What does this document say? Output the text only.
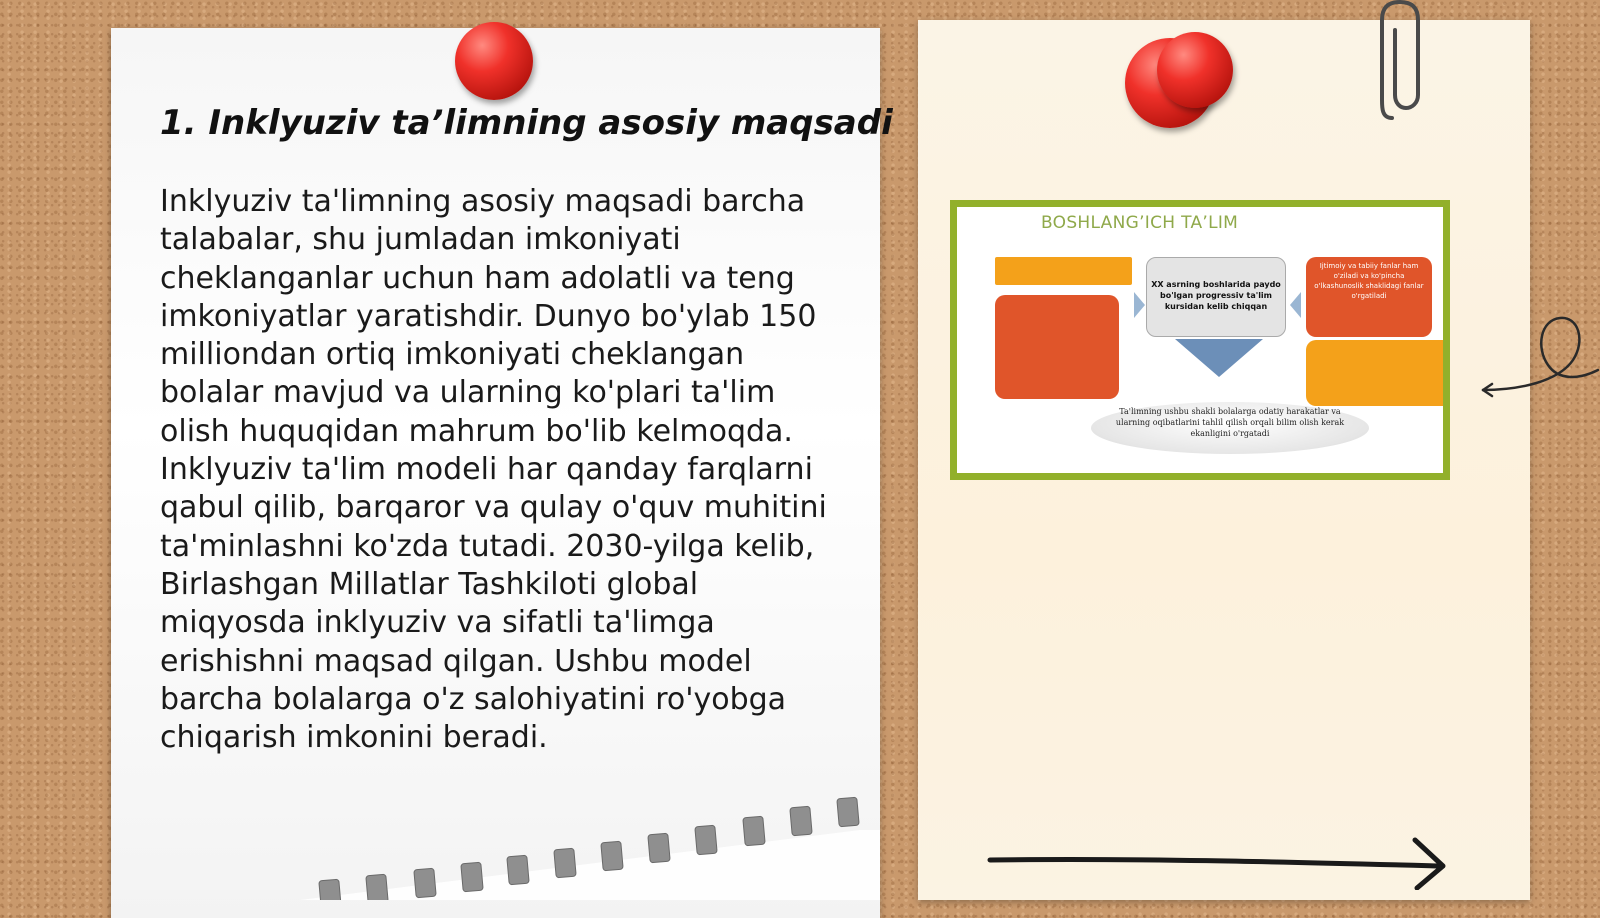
1. Inklyuziv ta’limning asosiy maqsadi

Inklyuziv ta'limning asosiy maqsadi barcha talabalar, shu jumladan imkoniyati cheklanganlar uchun ham adolatli va teng imkoniyatlar yaratishdir. Dunyo bo'ylab 150 milliondan ortiq imkoniyati cheklangan bolalar mavjud va ularning ko'plari ta'lim olish huquqidan mahrum bo'lib kelmoqda. Inklyuziv ta'lim modeli har qanday farqlarni qabul qilib, barqaror va qulay o'quv muhitini ta'minlashni ko'zda tutadi. 2030-yilga kelib, Birlashgan Millatlar Tashkiloti global miqyosda inklyuziv va sifatli ta'limga erishishni maqsad qilgan. Ushbu model barcha bolalarga o'z salohiyatini ro'yobga chiqarish imkonini beradi.

BOSHLANG’ICH TA’LIM
XX asrning boshlarida paydo bo'lgan progressiv ta'lim kursidan kelib chiqqan
Ijtimoiy va tabiiy fanlar ham o'ziladi va ko'pincha o'lkashunoslik shaklidagi fanlar o'rgatiladi
Ta'limning ushbu shakli bolalarga odatiy harakatlar va ularning oqibatlarini tahlil qilish orqali bilim olish kerak ekanligini o'rgatadi
